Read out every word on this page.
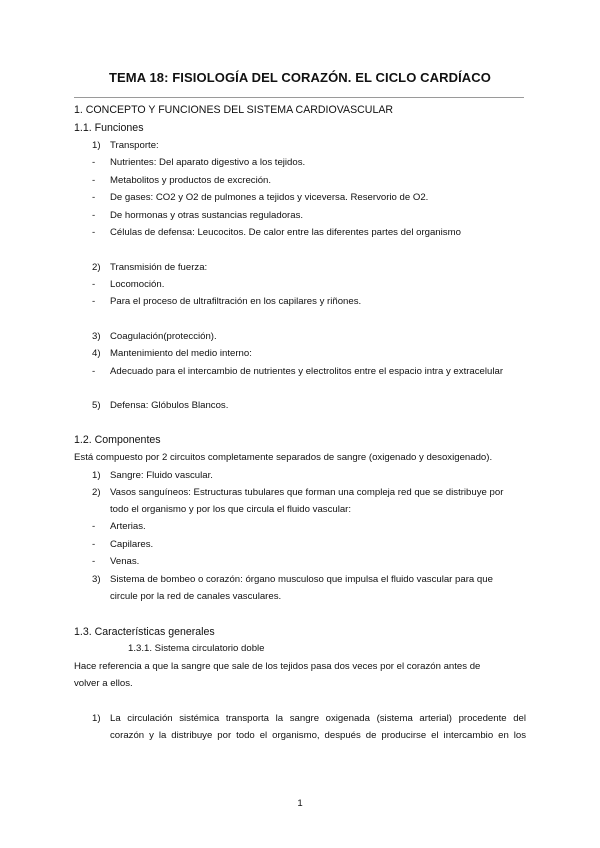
TEMA 18: FISIOLOGÍA DEL CORAZÓN. EL CICLO CARDÍACO
1. CONCEPTO Y FUNCIONES DEL SISTEMA CARDIOVASCULAR
1.1. Funciones
1) Transporte:
- Nutrientes: Del aparato digestivo a los tejidos.
- Metabolitos y productos de excreción.
- De gases: CO2 y O2 de pulmones a tejidos y viceversa. Reservorio de O2.
- De hormonas y otras sustancias reguladoras.
- Células de defensa: Leucocitos. De calor entre las diferentes partes del organismo
2) Transmisión de fuerza:
- Locomoción.
- Para el proceso de ultrafiltración en los capilares y riñones.
3) Coagulación(protección).
4) Mantenimiento del medio interno:
- Adecuado para el intercambio de nutrientes y electrolitos entre el espacio intra y extracelular
5) Defensa: Glóbulos Blancos.
1.2. Componentes
Está compuesto por 2 circuitos completamente separados de sangre (oxigenado y desoxigenado).
1) Sangre: Fluido vascular.
2) Vasos sanguíneos: Estructuras tubulares que forman una compleja red que se distribuye por
todo el organismo y por los que circula el fluido vascular:
- Arterias.
- Capilares.
- Venas.
3) Sistema de bombeo o corazón: órgano musculoso que impulsa el fluido vascular para que
circule por la red de canales vasculares.
1.3. Características generales
1.3.1. Sistema circulatorio doble
Hace referencia a que la sangre que sale de los tejidos pasa dos veces por el corazón antes de
volver a ellos.
1) La circulación sistémica transporta la sangre oxigenada (sistema arterial) procedente del
corazón y la distribuye por todo el organismo, después de producirse el intercambio en los
1
